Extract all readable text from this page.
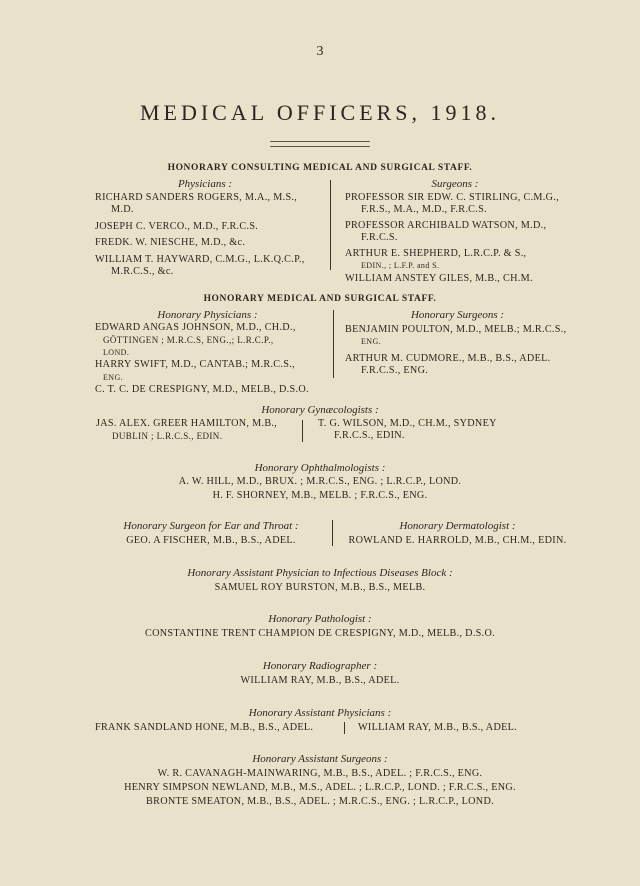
3
MEDICAL OFFICERS, 1918.
HONORARY CONSULTING MEDICAL AND SURGICAL STAFF.
Physicians :	Surgeons :
RICHARD SANDERS ROGERS, M.A., M.S.,
M.D.
JOSEPH C. VERCO., M.D., F.R.C.S.
FREDK. W. NIESCHE, M.D., &c.
WILLIAM T. HAYWARD, C.M.G., L.K.Q.C.P.,
M.R.C.S., &c.
PROFESSOR SIR EDW. C. STIRLING, C.M.G.,
F.R.S., M.A., M.D., F.R.C.S.
PROFESSOR ARCHIBALD WATSON, M.D.,
F.R.C.S.
ARTHUR E. SHEPHERD, L.R.C.P. & S.,
EDIN., ; L.F.P. and S.
WILLIAM ANSTEY GILES, M.B., CH.M.
HONORARY MEDICAL AND SURGICAL STAFF.
Honorary Physicians :	Honorary Surgeons :
EDWARD ANGAS JOHNSON, M.D., CH.D.,
GÖTTINGEN ; M.R.C.S, ENG.,; L.R.C.P.,
LOND.
HARRY SWIFT, M.D., CANTAB.; M.R.C.S.,
ENG.
C. T. C. DE CRESPIGNY, M.D., MELB., D.S.O.
BENJAMIN POULTON, M.D., MELB.; M.R.C.S.,
ENG.
ARTHUR M. CUDMORE., M.B., B.S., ADEL.
F.R.C.S., ENG.
Honorary Gynæcologists :
JAS. ALEX. GREER HAMILTON, M.B.,
DUBLIN ; L.R.C.S., EDIN.
T. G. WILSON, M.D., CH.M., SYDNEY
F.R.C.S., EDIN.
Honorary Ophthalmologists :
A. W. HILL, M.D., BRUX. ; M.R.C.S., ENG. ; L.R.C.P., LOND.
H. F. SHORNEY, M.B., MELB. ; F.R.C.S., ENG.
Honorary Surgeon for Ear and Throat :
GEO. A FISCHER, M.B., B.S., ADEL.
Honorary Dermatologist :
ROWLAND E. HARROLD, M.B., CH.M., EDIN.
Honorary Assistant Physician to Infectious Diseases Block :
SAMUEL ROY BURSTON, M.B., B.S., MELB.
Honorary Pathologist :
CONSTANTINE TRENT CHAMPION DE CRESPIGNY, M.D., MELB., D.S.O.
Honorary Radiographer :
WILLIAM RAY, M.B., B.S., ADEL.
Honorary Assistant Physicians :
FRANK SANDLAND HONE, M.B., B.S., ADEL.	WILLIAM RAY, M.B., B.S., ADEL.
Honorary Assistant Surgeons :
W. R. CAVANAGH-MAINWARING, M.B., B.S., ADEL. ; F.R.C.S., ENG.
HENRY SIMPSON NEWLAND, M.B., M.S., ADEL. ; L.R.C.P., LOND. ; F.R.C.S., ENG.
BRONTE SMEATON, M.B., B.S., ADEL. ; M.R.C.S., ENG. ; L.R.C.P., LOND.
